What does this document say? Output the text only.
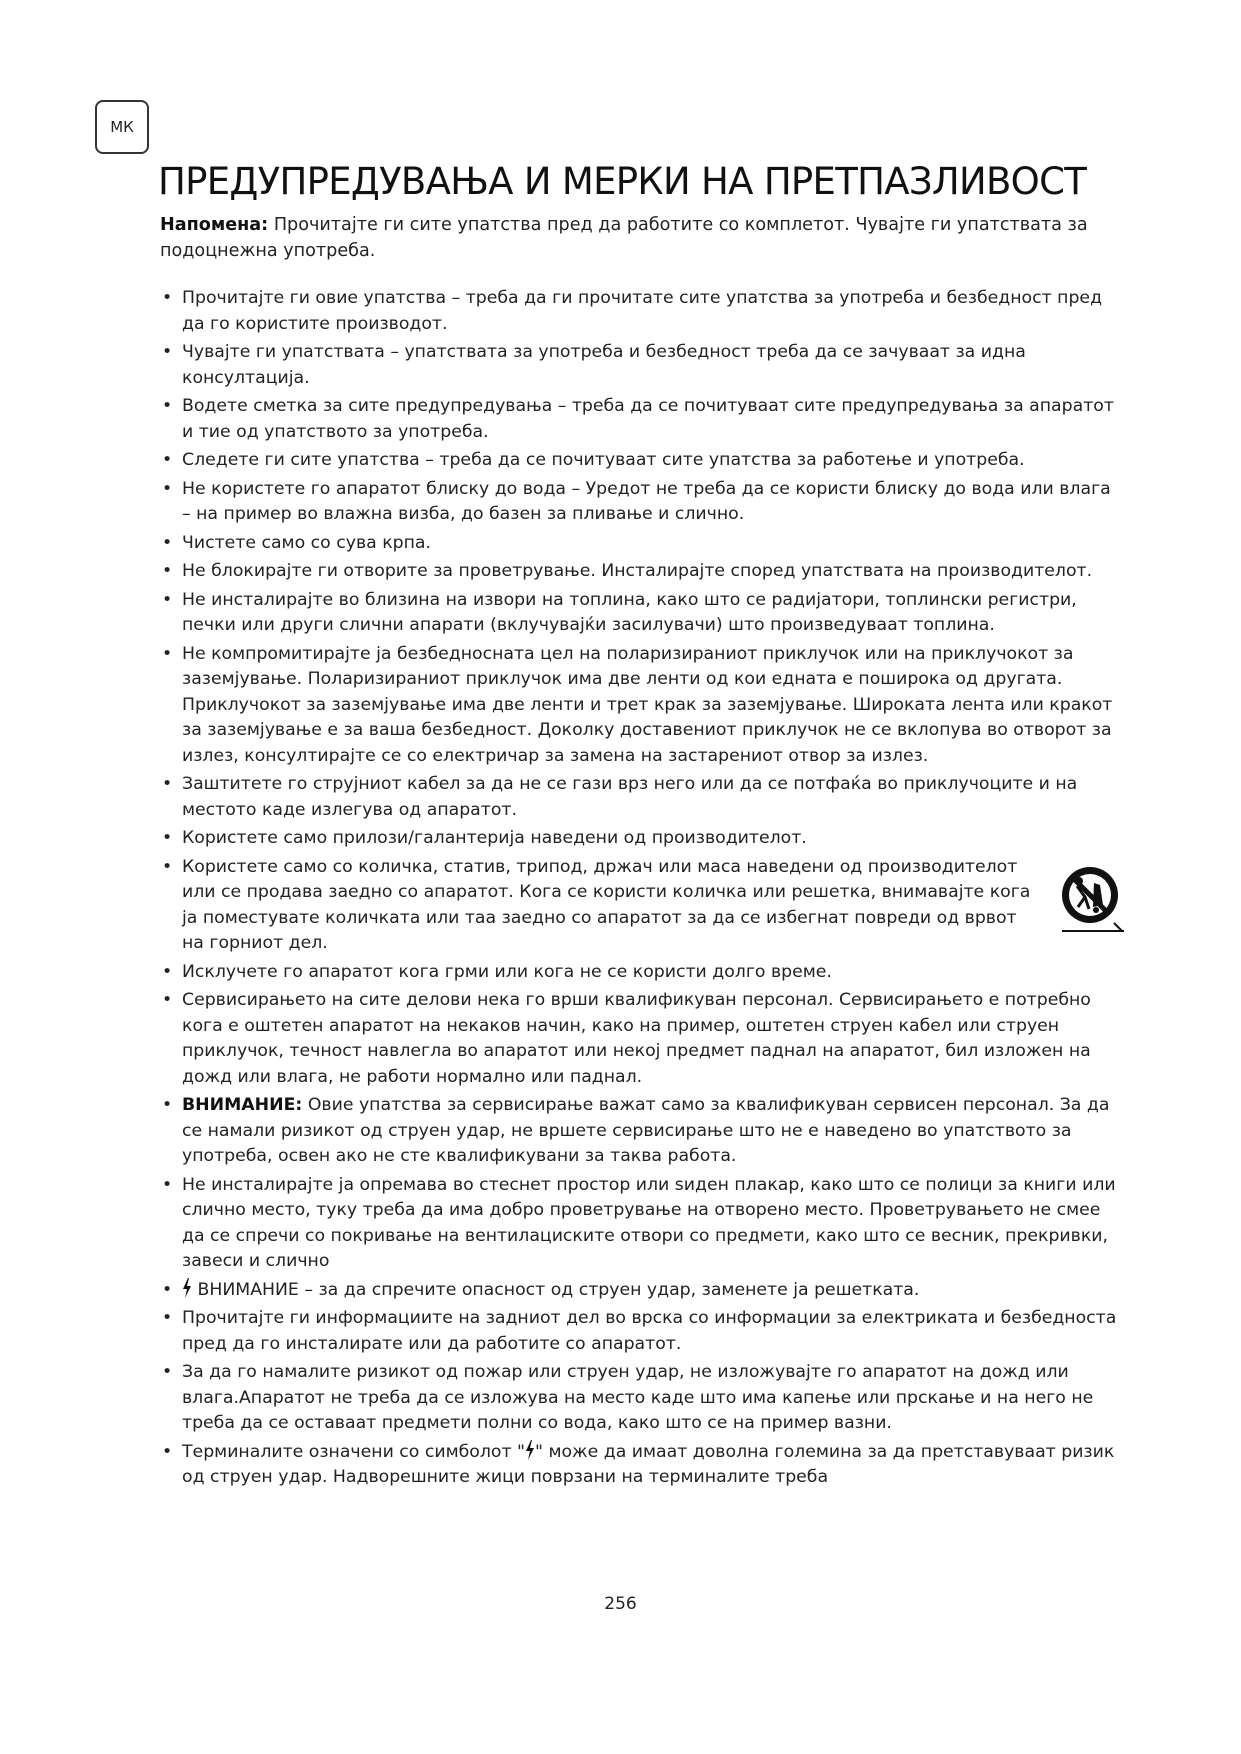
МК
ПРЕДУПРЕДУВАЊА И МЕРКИ НА ПРЕТПАЗЛИВОСТ

Напомена: Прочитајте ги сите упатства пред да работите со комплетот. Чувајте ги упатствата за подоцнежна употреба.

• Прочитајте ги овие упатства – треба да ги прочитате сите упатства за употреба и безбедност пред да го користите производот.
• Чувајте ги упатствата – упатствата за употреба и безбедност треба да се зачуваат за идна консултација.
• Водете сметка за сите предупредувања – треба да се почитуваат сите предупредувања за апаратот и тие од упатството за употреба.
• Следете ги сите упатства – треба да се почитуваат сите упатства за работење и употреба.
• Не користете го апаратот блиску до вода – Уредот не треба да се користи блиску до вода или влага – на пример во влажна визба, до базен за пливање и слично.
• Чистете само со сува крпа.
• Не блокирајте ги отворите за проветрување. Инсталирајте според упатствата на производителот.
• Не инсталирајте во близина на извори на топлина, како што се радијатори, топлински регистри, печки или други слични апарати (вклучувајќи засилувачи) што произведуваат топлина.
• Не компромитирајте ја безбедносната цел на поларизираниот приклучок или на приклучокот за заземјување. Поларизираниот приклучок има две ленти од кои едната е поширока од другата. Приклучокот за заземјување има две ленти и трет крак за заземјување. Широката лента или кракот за заземјување е за ваша безбедност. Доколку доставениот приклучок не се вклопува во отворот за излез, консултирајте се со електричар за замена на застарениот отвор за излез.
• Заштитете го струјниот кабел за да не се гази врз него или да се потфаќа во приклучоците и на местото каде излегува од апаратот.
• Користете само прилози/галантерија наведени од производителот.
• Користете само со количка, статив, трипод, држач или маса наведени од производителот или се продава заедно со апаратот. Кога се користи количка или решетка, внимавајте кога ја поместувате количката или таа заедно со апаратот за да се избегнат повреди од врвот на горниот дел.
• Исклучете го апаратот кога грми или кога не се користи долго време.
• Сервисирањето на сите делови нека го врши квалификуван персонал. Сервисирањето е потребно кога е оштетен апаратот на некаков начин, како на пример, оштетен струен кабел или струен приклучок, течност навлегла во апаратот или некој предмет паднал на апаратот, бил изложен на дожд или влага, не работи нормално или паднал.
• ВНИМАНИЕ: Овие упатства за сервисирање важат само за квалификуван сервисен персонал. За да се намали ризикот од струен удар, не вршете сервисирање што не е наведено во упатството за употреба, освен ако не сте квалификувани за таква работа.
• Не инсталирајте ја опремава во стеснет простор или ѕиден плакар, како што се полици за книги или слично место, туку треба да има добро проветрување на отворено место. Проветрувањето не смее да се спречи со покривање на вентилациските отвори со предмети, како што се весник, прекривки, завеси и слично
• ВНИМАНИЕ – за да спречите опасност од струен удар, заменете ја решетката.
• Прочитајте ги информациите на задниот дел во врска со информации за електриката и безбедноста пред да го инсталирате или да работите со апаратот.
• За да го намалите ризикот од пожар или струен удар, не изложувајте го апаратот на дожд или влага.Апаратот не треба да се изложува на место каде што има капење или прскање и на него не треба да се оставаат предмети полни со вода, како што се на пример вазни.
• Терминалите означени со симболот " " може да имаат доволна големина за да претставуваат ризик од струен удар. Надворешните жици поврзани на терминалите треба
256
